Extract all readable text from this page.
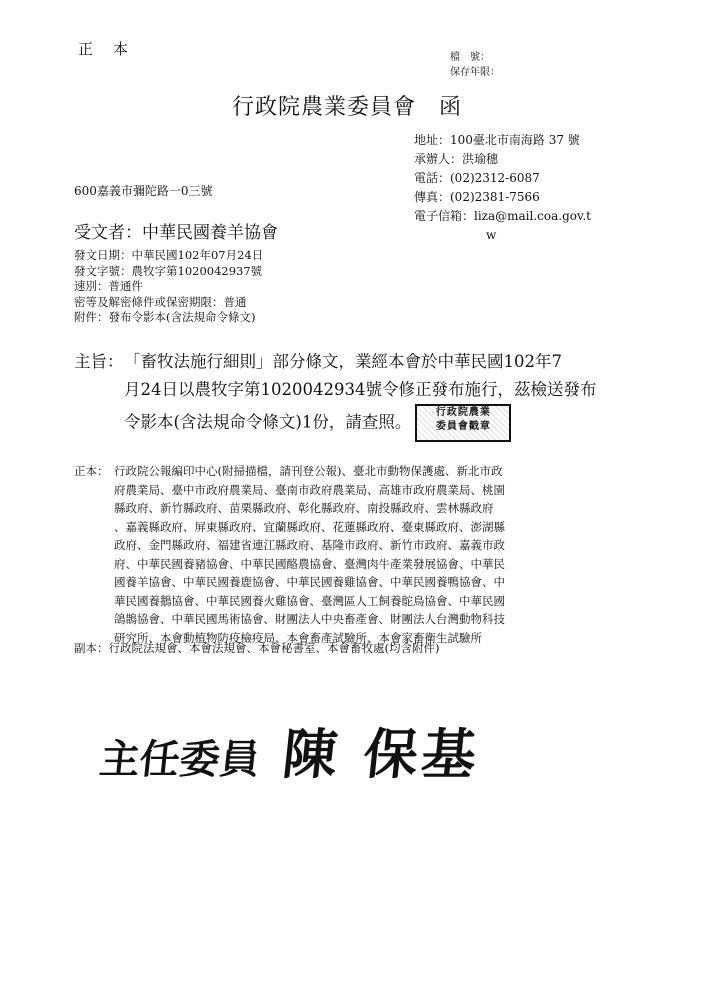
正本	檔　號：
保存年限：
行政院農業委員會　函
地址：100臺北市南海路 37 號
承辦人：洪瑜穗
電話：(02)2312-6087
傳真：(02)2381-7566
電子信箱：liza@mail.coa.gov.t
w
600嘉義市彌陀路一0三號
受文者：中華民國養羊協會
發文日期：中華民國102年07月24日
發文字號：農牧字第1020042937號
速別：普通件
密等及解密條件或保密期限：普通
附件：發布令影本(含法規命令條文)
主旨： 「畜牧法施行細則」部分條文，業經本會於中華民國102年7
月24日以農牧字第1020042934號令修正發布施行，茲檢送發布
令影本(含法規命令條文)1份，請查照。	行政院農業
委員會戳章
正本： 行政院公報編印中心(附掃描檔，請刊登公報)、臺北市動物保護處、新北市政
府農業局、臺中市政府農業局、臺南市政府農業局、高雄市政府農業局、桃園
縣政府、新竹縣政府、苗栗縣政府、彰化縣政府、南投縣政府、雲林縣政府
、嘉義縣政府、屏東縣政府、宜蘭縣政府、花蓮縣政府、臺東縣政府、澎湖縣
政府、金門縣政府、福建省連江縣政府、基隆市政府、新竹市政府、嘉義市政
府、中華民國養豬協會、中華民國酪農協會、臺灣肉牛產業發展協會、中華民
國養羊協會、中華民國養鹿協會、中華民國養雞協會、中華民國養鴨協會、中
華民國養鵝協會、中華民國養火雞協會、臺灣區人工飼養鴕鳥協會、中華民國
鴿鵲協會、中華民國馬術協會、財團法人中央畜產會、財團法人台灣動物科技
研究所、本會動植物防疫檢疫局、本會畜產試驗所、本會家畜衛生試驗所
副本：行政院法規會、本會法規會、本會秘書室、本會畜牧處(均含附件)
主任委員 陳 保基
